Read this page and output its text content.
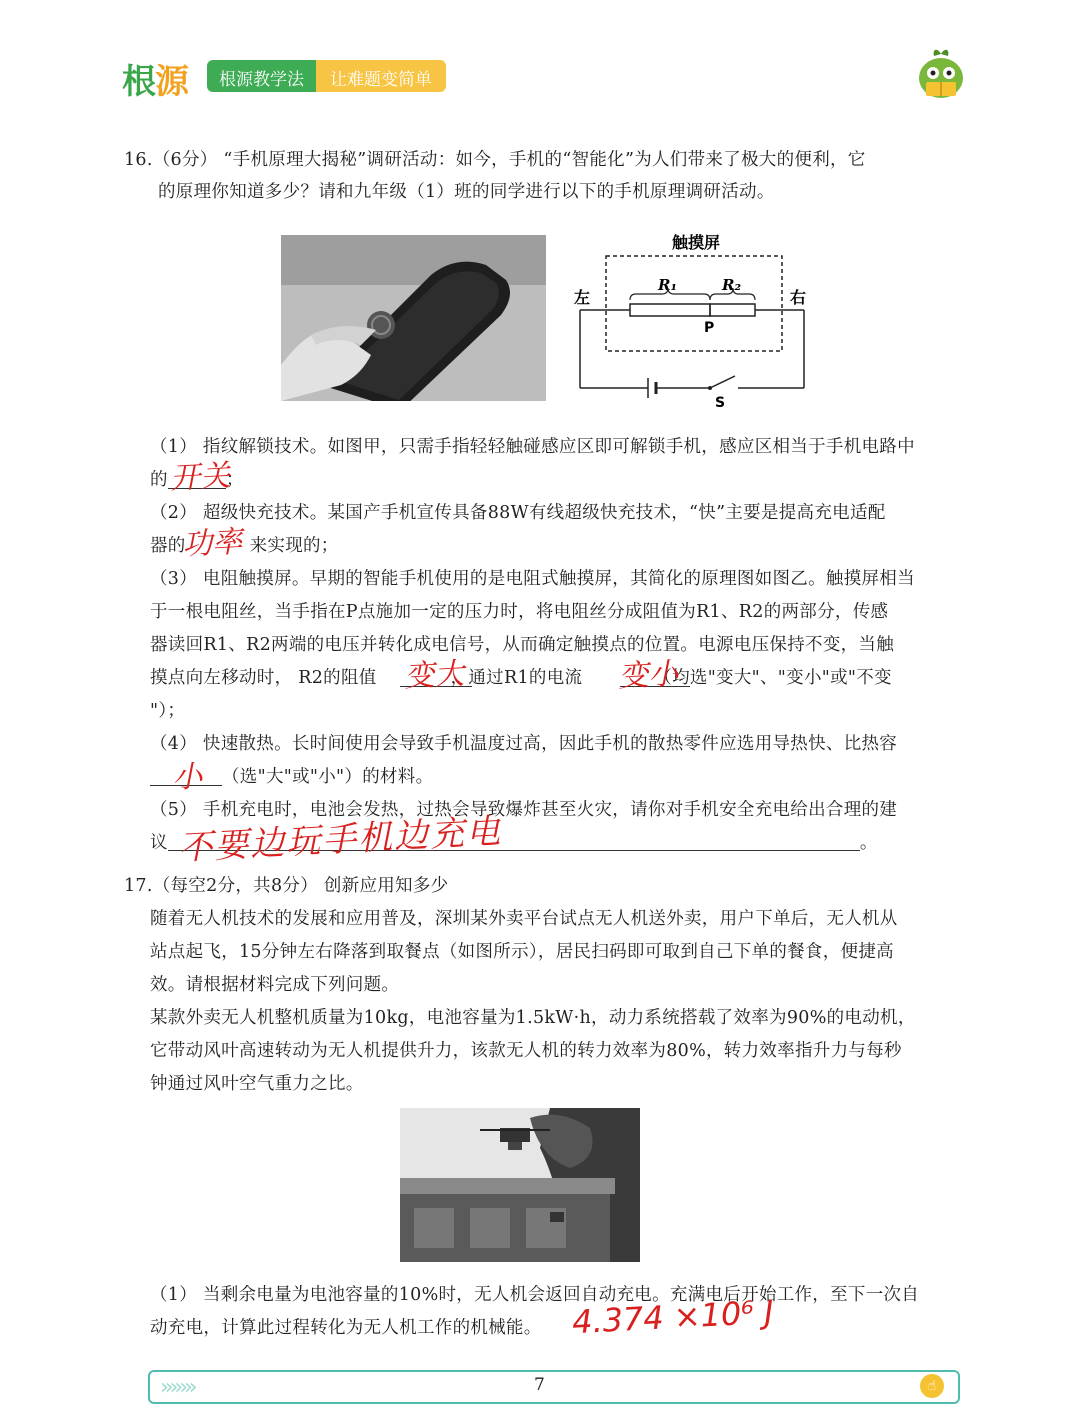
根源	根源教学法	让难题变简单
16.（6分） “手机原理大揭秘”调研活动：如今，手机的“智能化”为人们带来了极大的便利，它
的原理你知道多少？请和九年级（1）班的同学进行以下的手机原理调研活动。
触摸屏
左	右
R₁	R₂
P
S
（1） 指纹解锁技术。如图甲，只需手指轻轻触碰感应区即可解锁手机，感应区相当于手机电路中
的	；
开关
（2） 超级快充技术。某国产手机宣传具备88W有线超级快充技术，“快”主要是提高充电适配
器的	来实现的；
功率
（3） 电阻触摸屏。早期的智能手机使用的是电阻式触摸屏，其简化的原理图如图乙。触摸屏相当
于一根电阻丝，当手指在P点施加一定的压力时，将电阻丝分成阻值为R1、R2的两部分，传感
器读回R1、R2两端的电压并转化成电信号，从而确定触摸点的位置。电源电压保持不变，当触
摸点向左移动时， R2的阻值	，通过R1的电流	（均选"变大"、"变小"或"不变
变大	变小
"）；
（4） 快速散热。长时间使用会导致手机温度过高，因此手机的散热零件应选用导热快、比热容
（选"大"或"小"）的材料。
小
（5） 手机充电时，电池会发热，过热会导致爆炸甚至火灾，请你对手机安全充电给出合理的建
议	。
不要边玩手机边充电
17.（每空2分，共8分） 创新应用知多少
随着无人机技术的发展和应用普及，深圳某外卖平台试点无人机送外卖，用户下单后，无人机从
站点起飞，15分钟左右降落到取餐点（如图所示），居民扫码即可取到自己下单的餐食，便捷高
效。请根据材料完成下列问题。
某款外卖无人机整机质量为10kg，电池容量为1.5kW·h，动力系统搭载了效率为90%的电动机，
它带动风叶高速转动为无人机提供升力，该款无人机的转力效率为80%，转力效率指升力与每秒
钟通过风叶空气重力之比。
（1） 当剩余电量为电池容量的10%时，无人机会返回自动充电。充满电后开始工作，至下一次自
动充电，计算此过程转化为无人机工作的机械能。 4.374 ×10⁶ J
›››››››	7	☝
